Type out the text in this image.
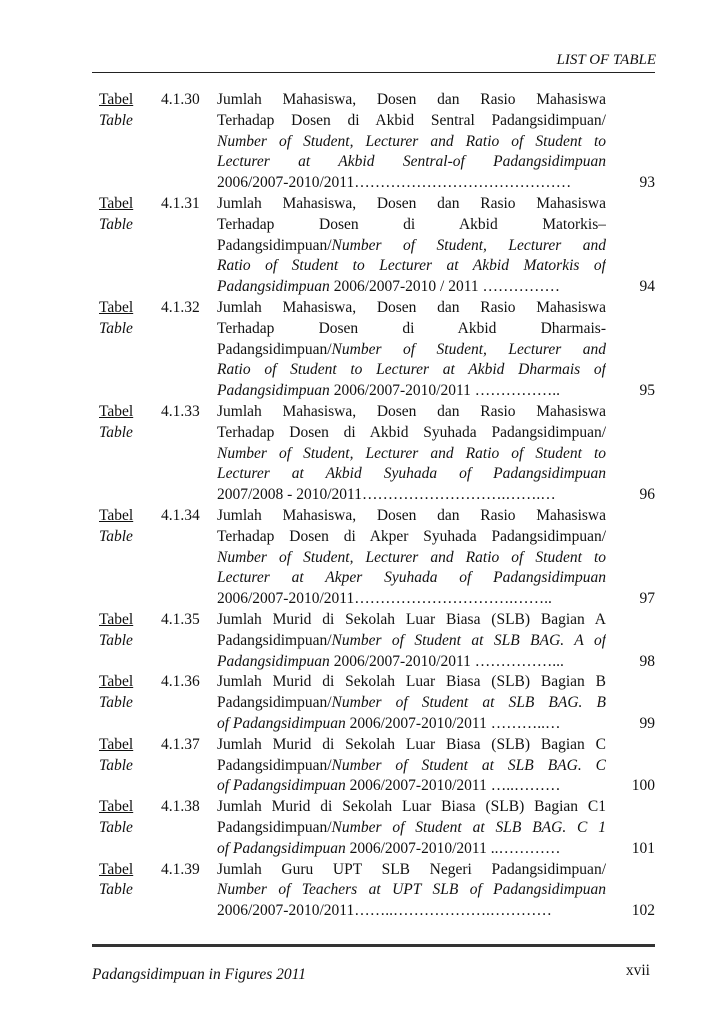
LIST OF TABLE
Tabel
Table
4.1.30 Jumlah Mahasiswa, Dosen dan Rasio Mahasiswa
Terhadap Dosen di Akbid Sentral Padangsidimpuan/
Number of Student, Lecturer and Ratio of Student to
Lecturer at Akbid Sentral-of Padangsidimpuan
2006/2007-2010/2011……………………………………	93
Tabel
Table
4.1.31 Jumlah Mahasiswa, Dosen dan Rasio Mahasiswa
Terhadap Dosen di Akbid Matorkis–
Padangsidimpuan/Number of Student, Lecturer and
Ratio of Student to Lecturer at Akbid Matorkis of
Padangsidimpuan 2006/2007-2010 / 2011 ……………	94
Tabel
Table
4.1.32 Jumlah Mahasiswa, Dosen dan Rasio Mahasiswa
Terhadap Dosen di Akbid Dharmais-
Padangsidimpuan/Number of Student, Lecturer and
Ratio of Student to Lecturer at Akbid Dharmais of
Padangsidimpuan 2006/2007-2010/2011 ……………..	95
Tabel
Table
4.1.33 Jumlah Mahasiswa, Dosen dan Rasio Mahasiswa
Terhadap Dosen di Akbid Syuhada Padangsidimpuan/
Number of Student, Lecturer and Ratio of Student to
Lecturer at Akbid Syuhada of Padangsidimpuan
2007/2008 - 2010/2011……………………….…….…	96
Tabel
Table
4.1.34 Jumlah Mahasiswa, Dosen dan Rasio Mahasiswa
Terhadap Dosen di Akper Syuhada Padangsidimpuan/
Number of Student, Lecturer and Ratio of Student to
Lecturer at Akper Syuhada of Padangsidimpuan
2006/2007-2010/2011………………………….……..	97
Tabel
Table
4.1.35 Jumlah Murid di Sekolah Luar Biasa (SLB) Bagian A
Padangsidimpuan/Number of Student at SLB BAG. A of
Padangsidimpuan 2006/2007-2010/2011 ……………...	98
Tabel
Table
4.1.36 Jumlah Murid di Sekolah Luar Biasa (SLB) Bagian B
Padangsidimpuan/Number of Student at SLB BAG. B
of Padangsidimpuan 2006/2007-2010/2011 ………..…	99
Tabel
Table
4.1.37 Jumlah Murid di Sekolah Luar Biasa (SLB) Bagian C
Padangsidimpuan/Number of Student at SLB BAG. C
of Padangsidimpuan 2006/2007-2010/2011 …..………	100
Tabel
Table
4.1.38 Jumlah Murid di Sekolah Luar Biasa (SLB) Bagian C1
Padangsidimpuan/Number of Student at SLB BAG. C 1
of Padangsidimpuan 2006/2007-2010/2011 ..…………	101
Tabel
Table
4.1.39 Jumlah Guru UPT SLB Negeri Padangsidimpuan/
Number of Teachers at UPT SLB of Padangsidimpuan
2006/2007-2010/2011……..……………….…………	102
Padangsidimpuan in Figures 2011	xvii
